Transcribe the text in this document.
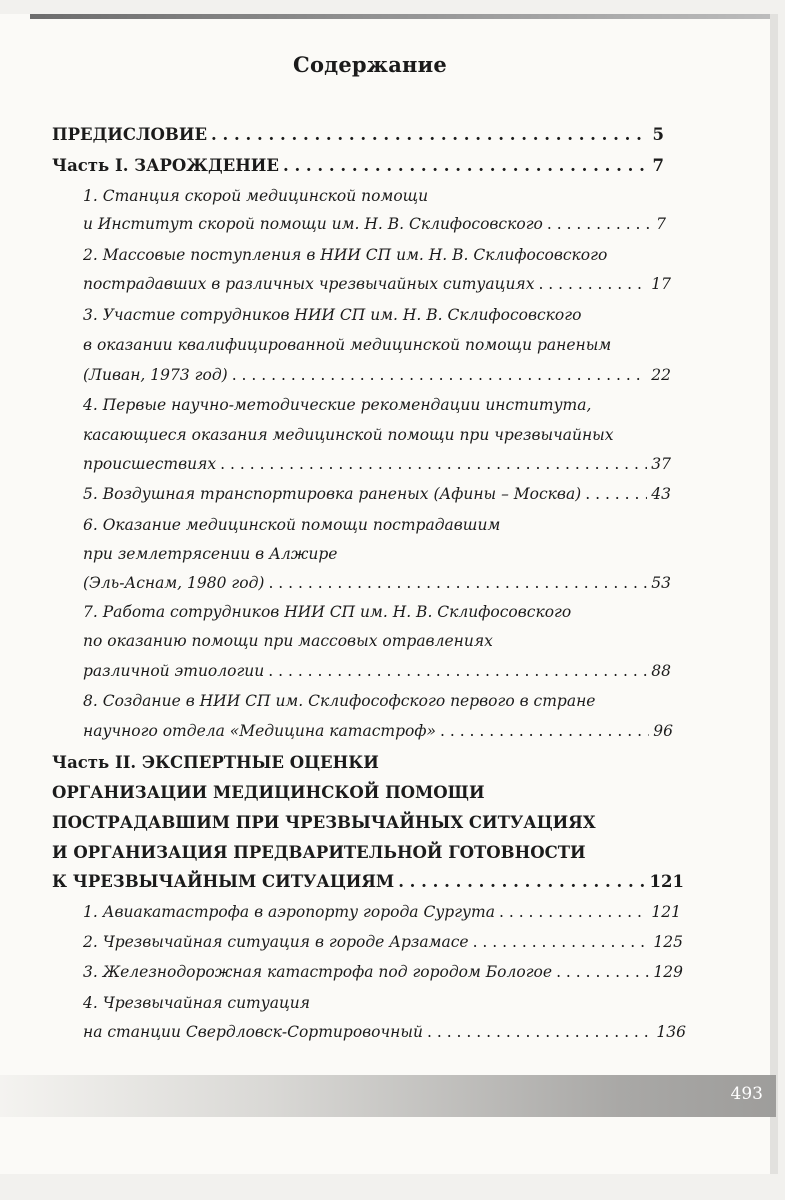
Содержание
ПРЕДИСЛОВИЕ . . .	5
Часть I. ЗАРОЖДЕНИЕ . . .	7
1. Станция скорой медицинской помощи
и Институт скорой помощи им. Н. В. Склифосовского . . .	7
2. Массовые поступления в НИИ СП им. Н. В. Склифосовского
пострадавших в различных чрезвычайных ситуациях . . .	17
3. Участие сотрудников НИИ СП им. Н. В. Склифосовского
в оказании квалифицированной медицинской помощи раненым
(Ливан, 1973 год) . . .	22
4. Первые научно-методические рекомендации института,
касающиеся оказания медицинской помощи при чрезвычайных
происшествиях . . .	37
5. Воздушная транспортировка раненых (Афины – Москва) . . .	43
6. Оказание медицинской помощи пострадавшим
при землетрясении в Алжире
(Эль-Аснам, 1980 год) . . .	53
7. Работа сотрудников НИИ СП им. Н. В. Склифосовского
по оказанию помощи при массовых отравлениях
различной этиологии . . .	88
8. Создание в НИИ СП им. Склифософского первого в стране
научного отдела «Медицина катастроф» . . .	96
Часть II. ЭКСПЕРТНЫЕ ОЦЕНКИ
ОРГАНИЗАЦИИ МЕДИЦИНСКОЙ ПОМОЩИ
ПОСТРАДАВШИМ ПРИ ЧРЕЗВЫЧАЙНЫХ СИТУАЦИЯХ
И ОРГАНИЗАЦИЯ ПРЕДВАРИТЕЛЬНОЙ ГОТОВНОСТИ
К ЧРЕЗВЫЧАЙНЫМ СИТУАЦИЯМ . . .	121
1. Авиакатастрофа в аэропорту города Сургута . . .	121
2. Чрезвычайная ситуация в городе Арзамасе . . .	125
3. Железнодорожная катастрофа под городом Бологое . . .	129
4. Чрезвычайная ситуация
на станции Свердловск-Сортировочный . . .	136
493
